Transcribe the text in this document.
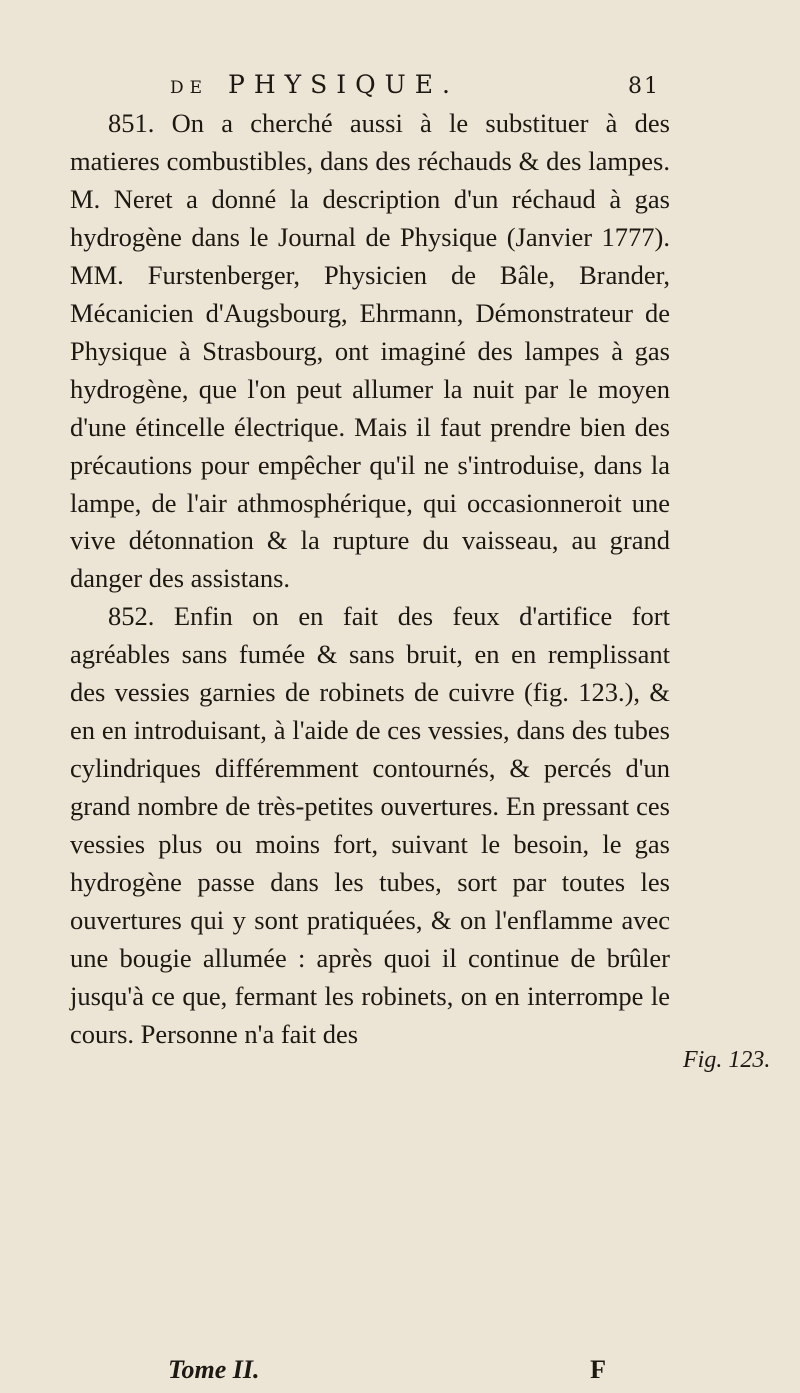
DE PHYSIQUE.	81

851. On a cherché aussi à le substituer à des matieres combustibles, dans des réchauds & des lampes. M. Neret a donné la description d'un réchaud à gas hydrogène dans le Journal de Physique (Janvier 1777). MM. Furstenberger, Physicien de Bâle, Brander, Mécanicien d'Augsbourg, Ehrmann, Démonstrateur de Physique à Strasbourg, ont imaginé des lampes à gas hydrogène, que l'on peut allumer la nuit par le moyen d'une étincelle électrique. Mais il faut prendre bien des précautions pour empêcher qu'il ne s'introduise, dans la lampe, de l'air athmosphérique, qui occasionneroit une vive détonnation & la rupture du vaisseau, au grand danger des assistans.

852. Enfin on en fait des feux d'artifice fort agréables sans fumée & sans bruit, en en remplissant des vessies garnies de robinets de cuivre (fig. 123.), & en en introduisant, à l'aide de ces vessies, dans des tubes cylindriques différemment contournés, & percés d'un grand nombre de très-petites ouvertures. En pressant ces vessies plus ou moins fort, suivant le besoin, le gas hydrogène passe dans les tubes, sort par toutes les ouvertures qui y sont pratiquées, & on l'enflamme avec une bougie allumée : après quoi il continue de brûler jusqu'à ce que, fermant les robinets, on en interrompe le cours. Personne n'a fait des

Fig. 123.
Tome II.	F
